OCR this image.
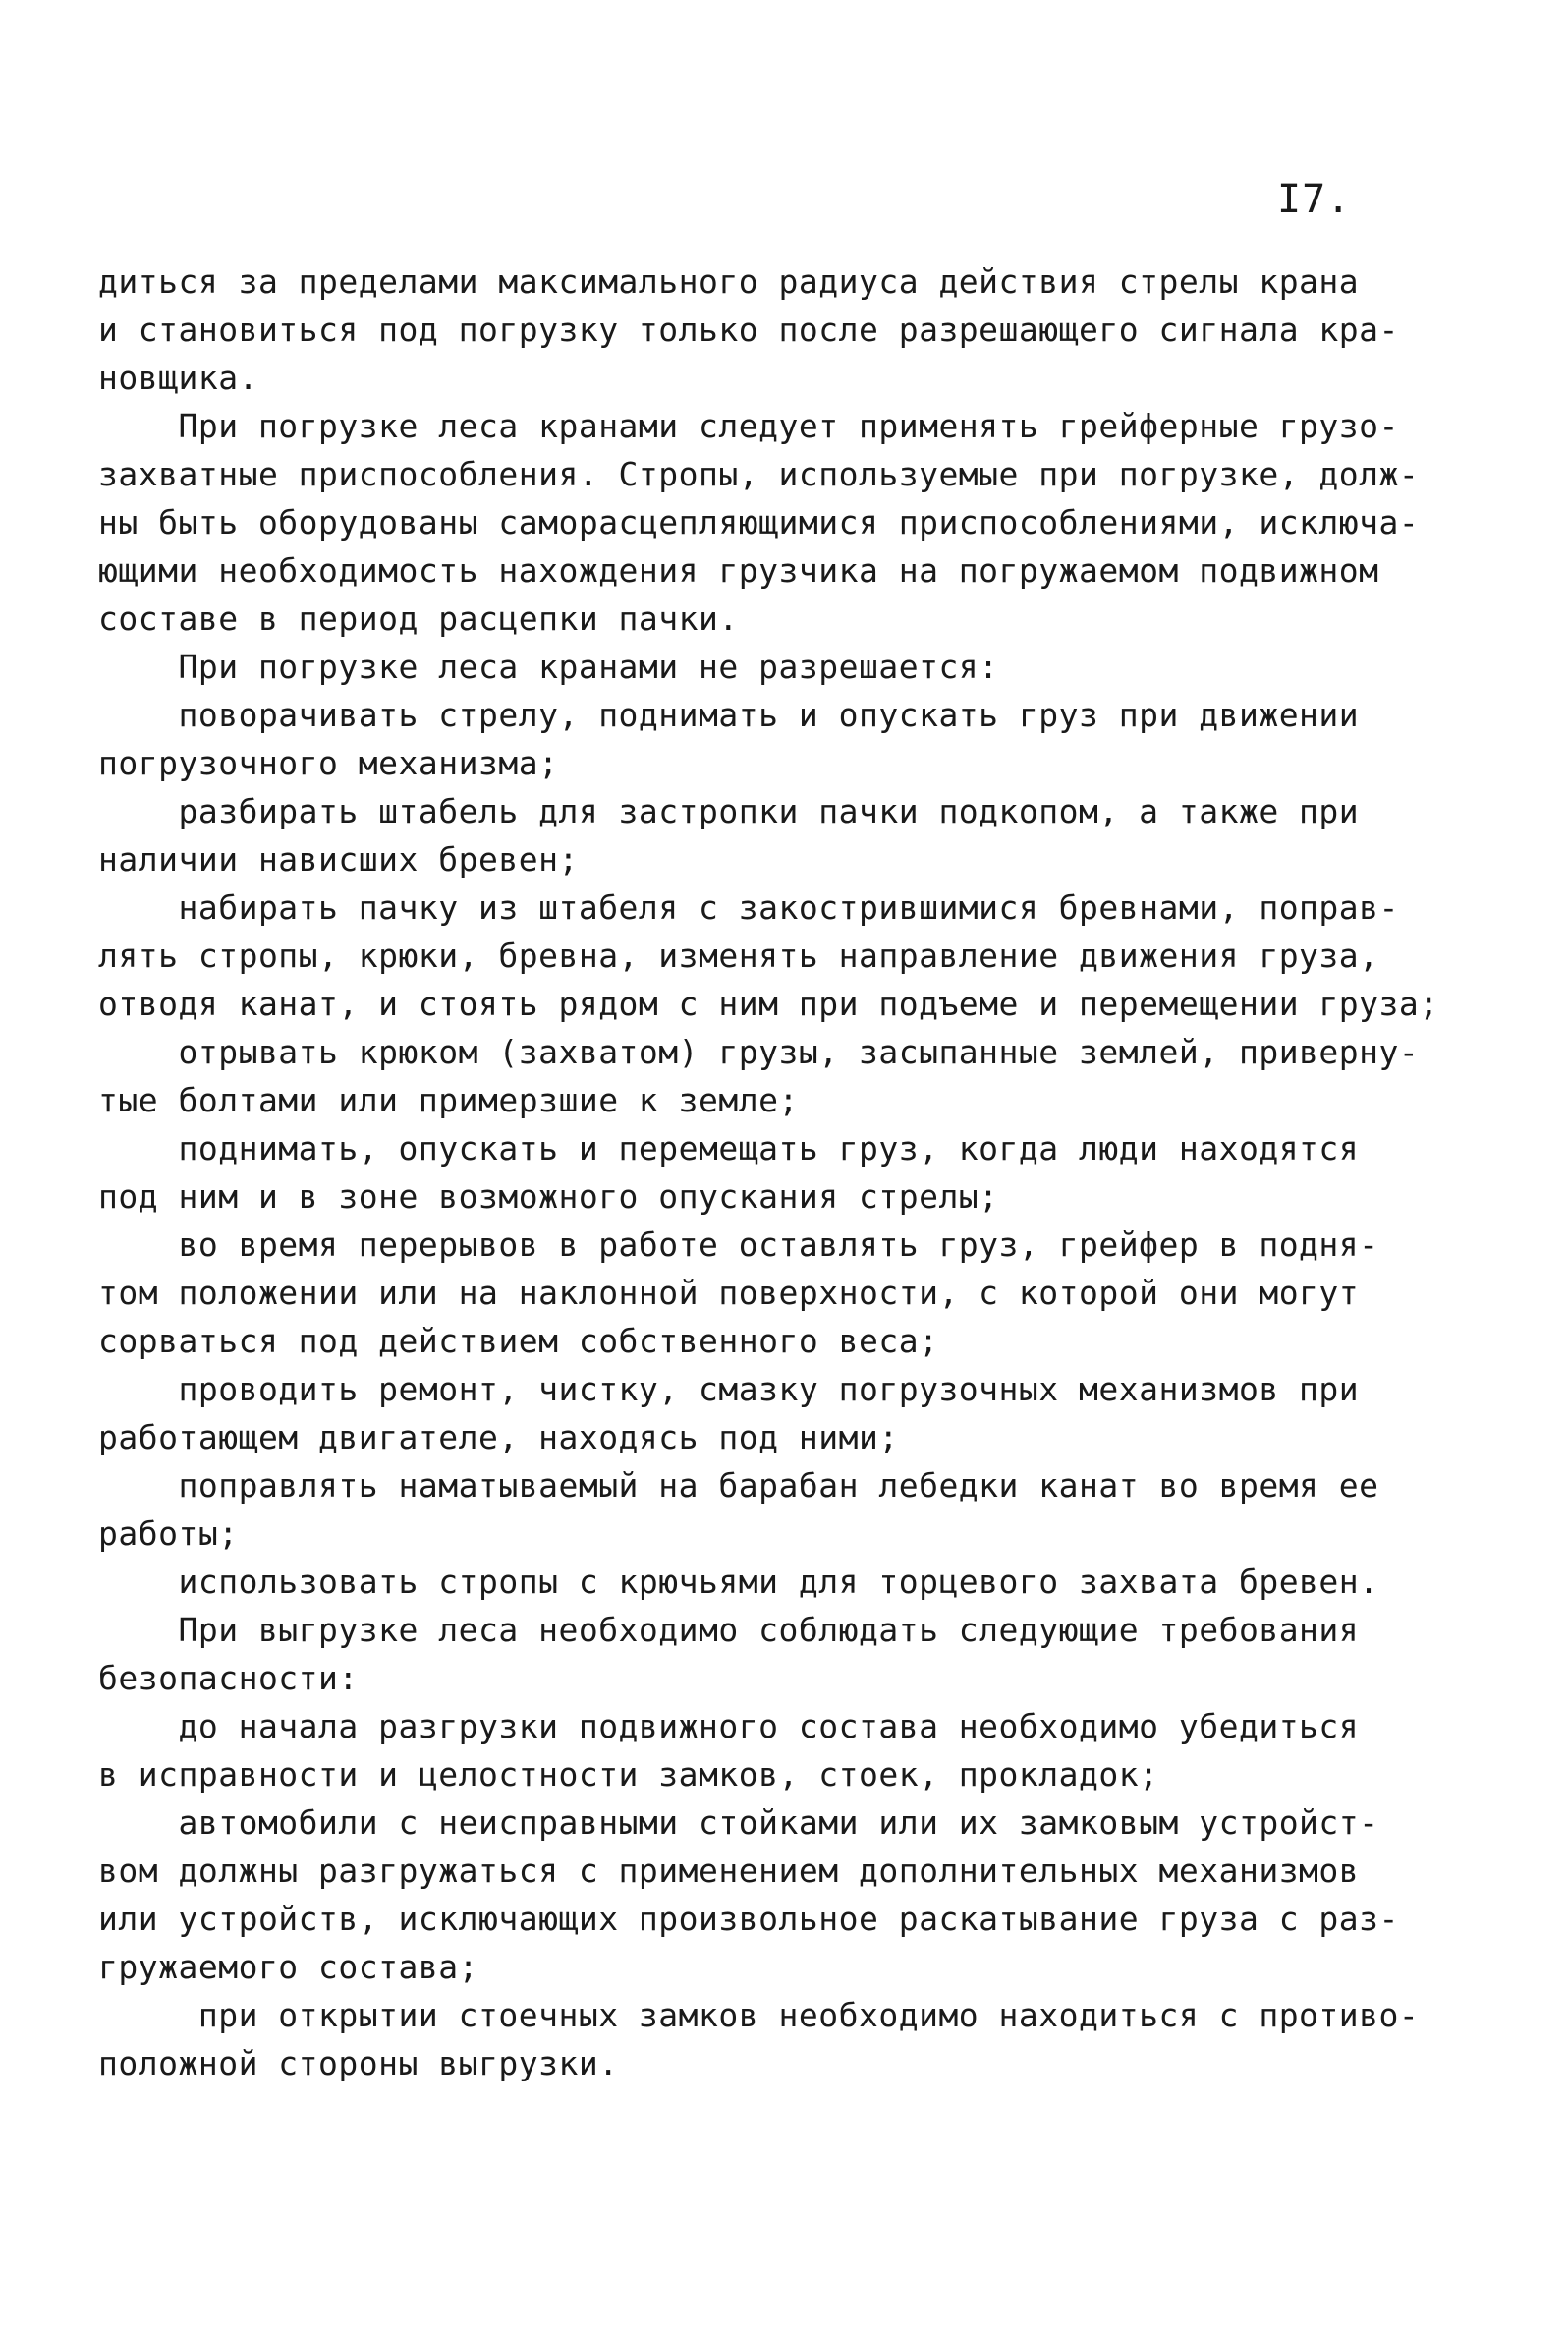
I7.
диться за пределами максимального радиуса действия стрелы крана
и становиться под погрузку только после разрешающего сигнала кра-
новщика.
При погрузке леса кранами следует применять грейферные грузо-
захватные приспособления. Стропы, используемые при погрузке, долж-
ны быть оборудованы самораcцепляющимися приспособлениями, исключа-
ющими необходимость нахождения грузчика на погружаемом подвижном
составе в период расцепки пачки.
При погрузке леса кранами не разрешается:
поворачивать стрелу, поднимать и опускать груз при движении
погрузочного механизма;
разбирать штабель для застропки пачки подкопом, а также при
наличии нависших бревен;
набирать пачку из штабеля с закострившимися бревнами, поправ-
лять стропы, крюки, бревна, изменять направление движения груза,
отводя канат, и стоять рядом с ним при подъеме и перемещении груза;
отрывать крюком (захватом) грузы, засыпанные землей, приверну-
тые болтами или примерзшие к земле;
поднимать, опускать и перемещать груз, когда люди находятся
под ним и в зоне возможного опускания стрелы;
во время перерывов в работе оставлять груз, грейфер в подня-
том положении или на наклонной поверхности, с которой они могут
сорваться под действием собственного веса;
проводить ремонт, чистку, смазку погрузочных механизмов при
работающем двигателе, находясь под ними;
поправлять наматываемый на барабан лебедки канат во время ее
работы;
использовать стропы с крючьями для торцевого захвата бревен.
При выгрузке леса необходимо соблюдать следующие требования
безопасности:
до начала разгрузки подвижного состава необходимо убедиться
в исправности и целостности замков, стоек, прокладок;
автомобили с неисправными стойками или их замковым устройст-
вом должны разгружаться с применением дополнительных механизмов
или устройств, исключающих произвольное раскатывание груза с раз-
гружаемого состава;
при открытии стоечных замков необходимо находиться с противо-
положной стороны выгрузки.
